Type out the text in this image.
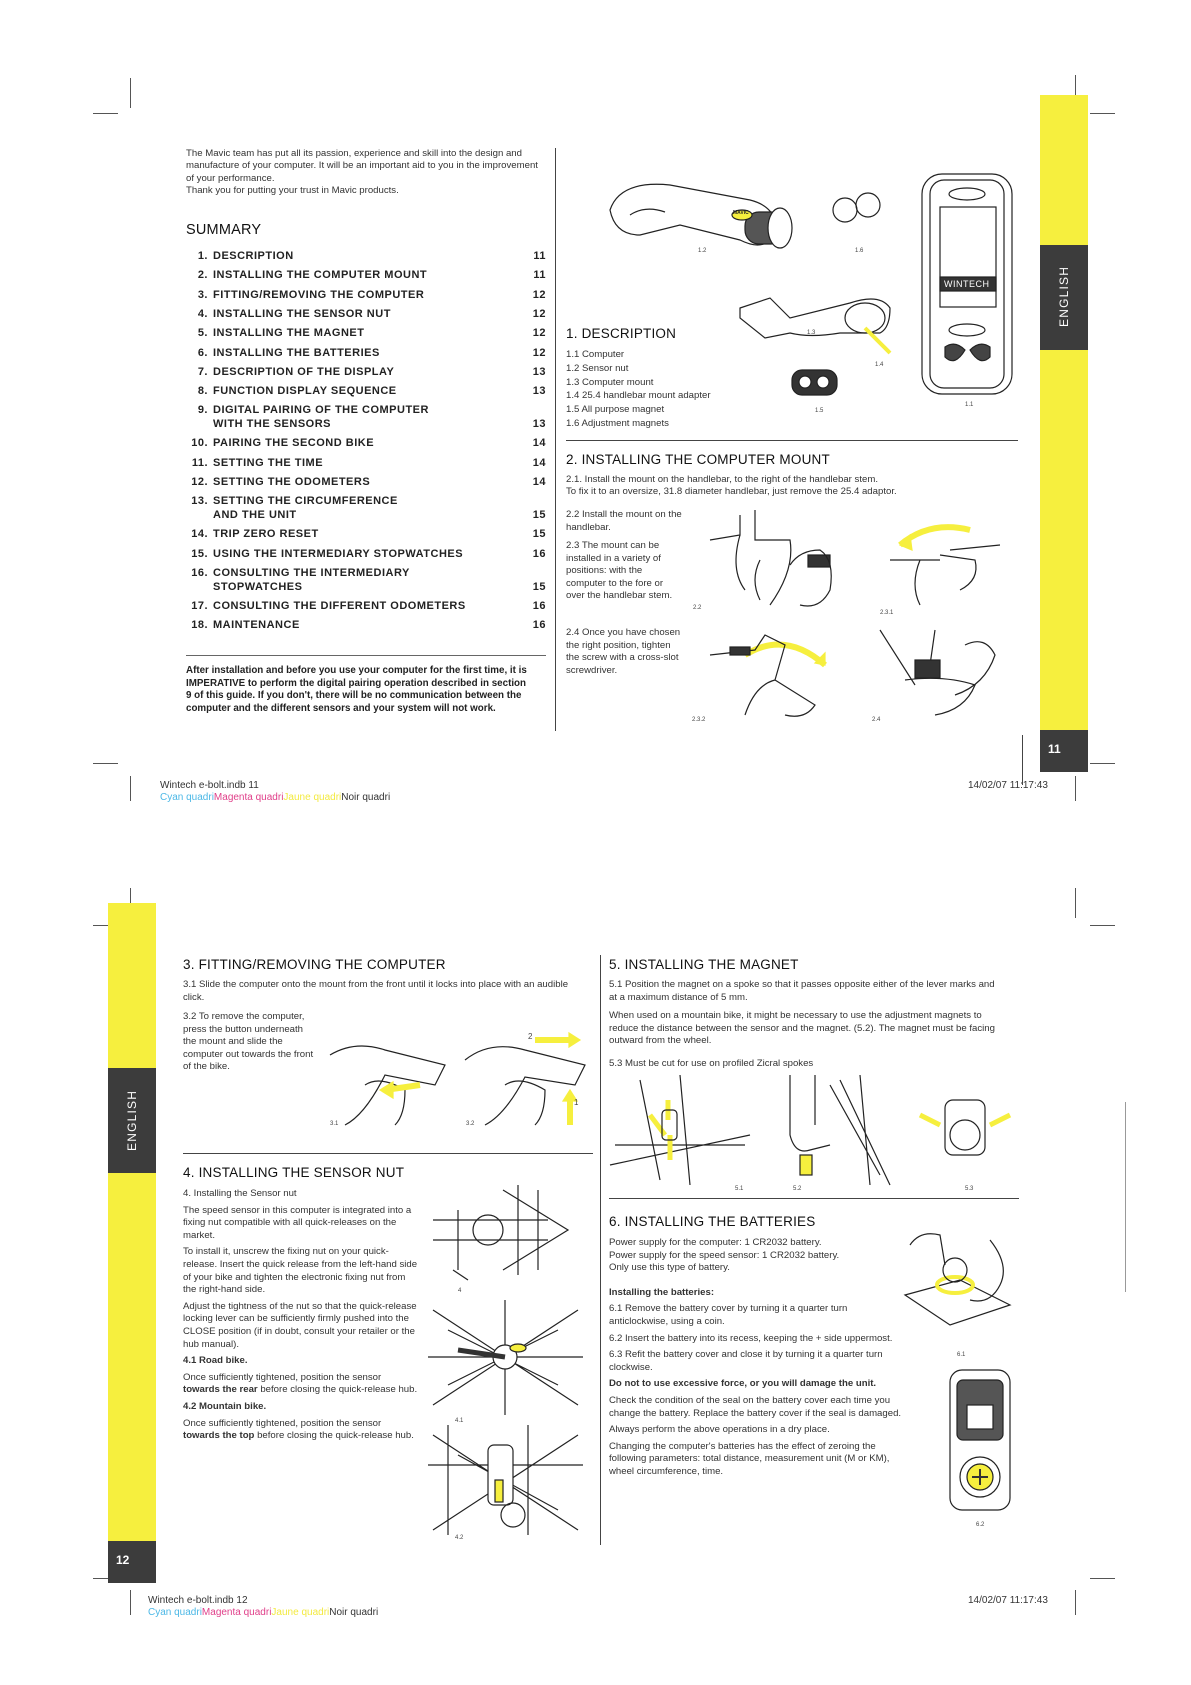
ENGLISH
11
The Mavic team has put all its passion, experience and skill into the design and manufacture of your computer. It will be an important aid to you in the improvement of your performance.
Thank you for putting your trust in Mavic products.
SUMMARY
1. DESCRIPTION	11
2. INSTALLING THE COMPUTER MOUNT	11
3. FITTING/REMOVING THE COMPUTER	12
4. INSTALLING THE SENSOR NUT	12
5. INSTALLING THE MAGNET	12
6. INSTALLING THE BATTERIES	12
7. DESCRIPTION OF THE DISPLAY	13
8. FUNCTION DISPLAY SEQUENCE	13
9. DIGITAL PAIRING OF THE COMPUTER
WITH THE SENSORS	13
10. PAIRING THE SECOND BIKE	14
11. SETTING THE TIME	14
12. SETTING THE ODOMETERS	14
13. SETTING THE CIRCUMFERENCE
AND THE UNIT	15
14. TRIP ZERO RESET	15
15. USING THE INTERMEDIARY STOPWATCHES	16
16. CONSULTING THE INTERMEDIARY
STOPWATCHES	15
17. CONSULTING THE DIFFERENT ODOMETERS	16
18. MAINTENANCE	16
After installation and before you use your computer for the first time, it is IMPERATIVE to perform the digital pairing operation described in section 9 of this guide. If you don't, there will be no communication between the computer and the different sensors and your system will not work.
MAVIC
1.2	1.6
WINTECH
1.1
1.3
1.4
1.5
1. DESCRIPTION
1.1 Computer
1.2 Sensor nut
1.3 Computer mount
1.4 25.4 handlebar mount adapter
1.5 All purpose magnet
1.6 Adjustment magnets
2. INSTALLING THE COMPUTER MOUNT
2.1. Install the mount on the handlebar, to the right of the handlebar stem.
To fix it to an oversize, 31.8 diameter handlebar, just remove the 25.4 adaptor.
2.2 Install the mount on the handlebar.
2.3 The mount can be installed in a variety of positions: with the computer to the fore or over the handlebar stem.
2.4 Once you have chosen the right position, tighten the screw with a cross-slot screwdriver.
2.2
2.3.1
2.3.2	2.4
Wintech e-bolt.indb 11
Cyan quadriMagenta quadriJaune quadriNoir quadri
14/02/07 11:17:43
ENGLISH
12
3. FITTING/REMOVING THE COMPUTER
3.1 Slide the computer onto the mount from the front until it locks into place with an audible click.
3.2 To remove the computer, press the button underneath the mount and slide the computer out towards the front of the bike.
3.1	3.2
2
1
4. INSTALLING THE SENSOR NUT

4. Installing the Sensor nut

The speed sensor in this computer is integrated into a fixing nut compatible with all quick-releases on the market.

To install it, unscrew the fixing nut on your quick-release. Insert the quick release from the left-hand side of your bike and tighten the electronic fixing nut from the right-hand side.

Adjust the tightness of the nut so that the quick-release locking lever can be sufficiently firmly pushed into the CLOSE position (if in doubt, consult your retailer or the hub manual).

4.1 Road bike.

Once sufficiently tightened, position the sensor towards the rear before closing the quick-release hub.

4.2 Mountain bike.

Once sufficiently tightened, position the sensor towards the top before closing the quick-release hub.

4
4.1
4.2
5. INSTALLING THE MAGNET
5.1 Position the magnet on a spoke so that it passes opposite either of the lever marks and at a maximum distance of 5 mm.
When used on a mountain bike, it might be necessary to use the adjustment magnets to reduce the distance between the sensor and the magnet. (5.2). The magnet must be facing outward from the wheel.
5.3 Must be cut for use on profiled Zicral spokes
5.1	5.2	5.3
6. INSTALLING THE BATTERIES

Power supply for the computer: 1 CR2032 battery.

Power supply for the speed sensor: 1 CR2032 battery.

Only use this type of battery.

Installing the batteries:

6.1 Remove the battery cover by turning it a quarter turn anticlockwise, using a coin.

6.2 Insert the battery into its recess, keeping the + side uppermost.

6.3 Refit the battery cover and close it by turning it a quarter turn clockwise.

Do not to use excessive force, or you will damage the unit.

Check the condition of the seal on the battery cover each time you change the battery. Replace the battery cover if the seal is damaged.

Always perform the above operations in a dry place.

Changing the computer's batteries has the effect of zeroing the following parameters: total distance, measurement unit (M or KM), wheel circumference, time.

6.1
6.2
Wintech e-bolt.indb 12
Cyan quadriMagenta quadriJaune quadriNoir quadri
14/02/07 11:17:43
